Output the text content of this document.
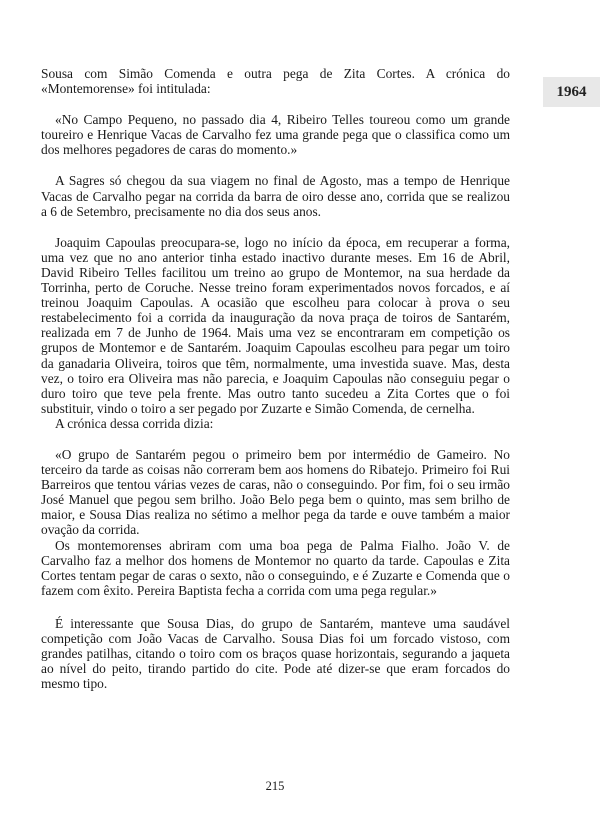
1964

Sousa com Simão Comenda e outra pega de Zita Cortes. A crónica do «Montemorense» foi intitulada:

«No Campo Pequeno, no passado dia 4, Ribeiro Telles toureou como um grande toureiro e Henrique Vacas de Carvalho fez uma grande pega que o classifica como um dos melhores pegadores de caras do momento.»

A Sagres só chegou da sua viagem no final de Agosto, mas a tempo de Henrique Vacas de Carvalho pegar na corrida da barra de oiro desse ano, corrida que se realizou a 6 de Setembro, precisamente no dia dos seus anos.

Joaquim Capoulas preocupara-se, logo no início da época, em recuperar a forma, uma vez que no ano anterior tinha estado inactivo durante meses. Em 16 de Abril, David Ribeiro Telles facilitou um treino ao grupo de Montemor, na sua herdade da Torrinha, perto de Coruche. Nesse treino foram experimentados novos forcados, e aí treinou Joaquim Capoulas. A ocasião que escolheu para colocar à prova o seu restabelecimento foi a corrida da inauguração da nova praça de toiros de Santarém, realizada em 7 de Junho de 1964. Mais uma vez se encontraram em competição os grupos de Montemor e de Santarém. Joaquim Capoulas escolheu para pegar um toiro da ganadaria Oliveira, toiros que têm, normalmente, uma investida suave. Mas, desta vez, o toiro era Oliveira mas não parecia, e Joaquim Capoulas não conseguiu pegar o duro toiro que teve pela frente. Mas outro tanto sucedeu a Zita Cortes que o foi substituir, vindo o toiro a ser pegado por Zuzarte e Simão Comenda, de cernelha.

A crónica dessa corrida dizia:

«O grupo de Santarém pegou o primeiro bem por intermédio de Gameiro. No terceiro da tarde as coisas não correram bem aos homens do Ribatejo. Primeiro foi Rui Barreiros que tentou várias vezes de caras, não o conseguindo. Por fim, foi o seu irmão José Manuel que pegou sem brilho. João Belo pega bem o quinto, mas sem brilho de maior, e Sousa Dias realiza no sétimo a melhor pega da tarde e ouve também a maior ovação da corrida.

Os montemorenses abriram com uma boa pega de Palma Fialho. João V. de Carvalho faz a melhor dos homens de Montemor no quarto da tarde. Capoulas e Zita Cortes tentam pegar de caras o sexto, não o conseguindo, e é Zuzarte e Comenda que o fazem com êxito. Pereira Baptista fecha a corrida com uma pega regular.»

É interessante que Sousa Dias, do grupo de Santarém, manteve uma saudável competição com João Vacas de Carvalho. Sousa Dias foi um forcado vistoso, com grandes patilhas, citando o toiro com os braços quase horizontais, segurando a jaqueta ao nível do peito, tirando partido do cite. Pode até dizer-se que eram forcados do mesmo tipo.

215
